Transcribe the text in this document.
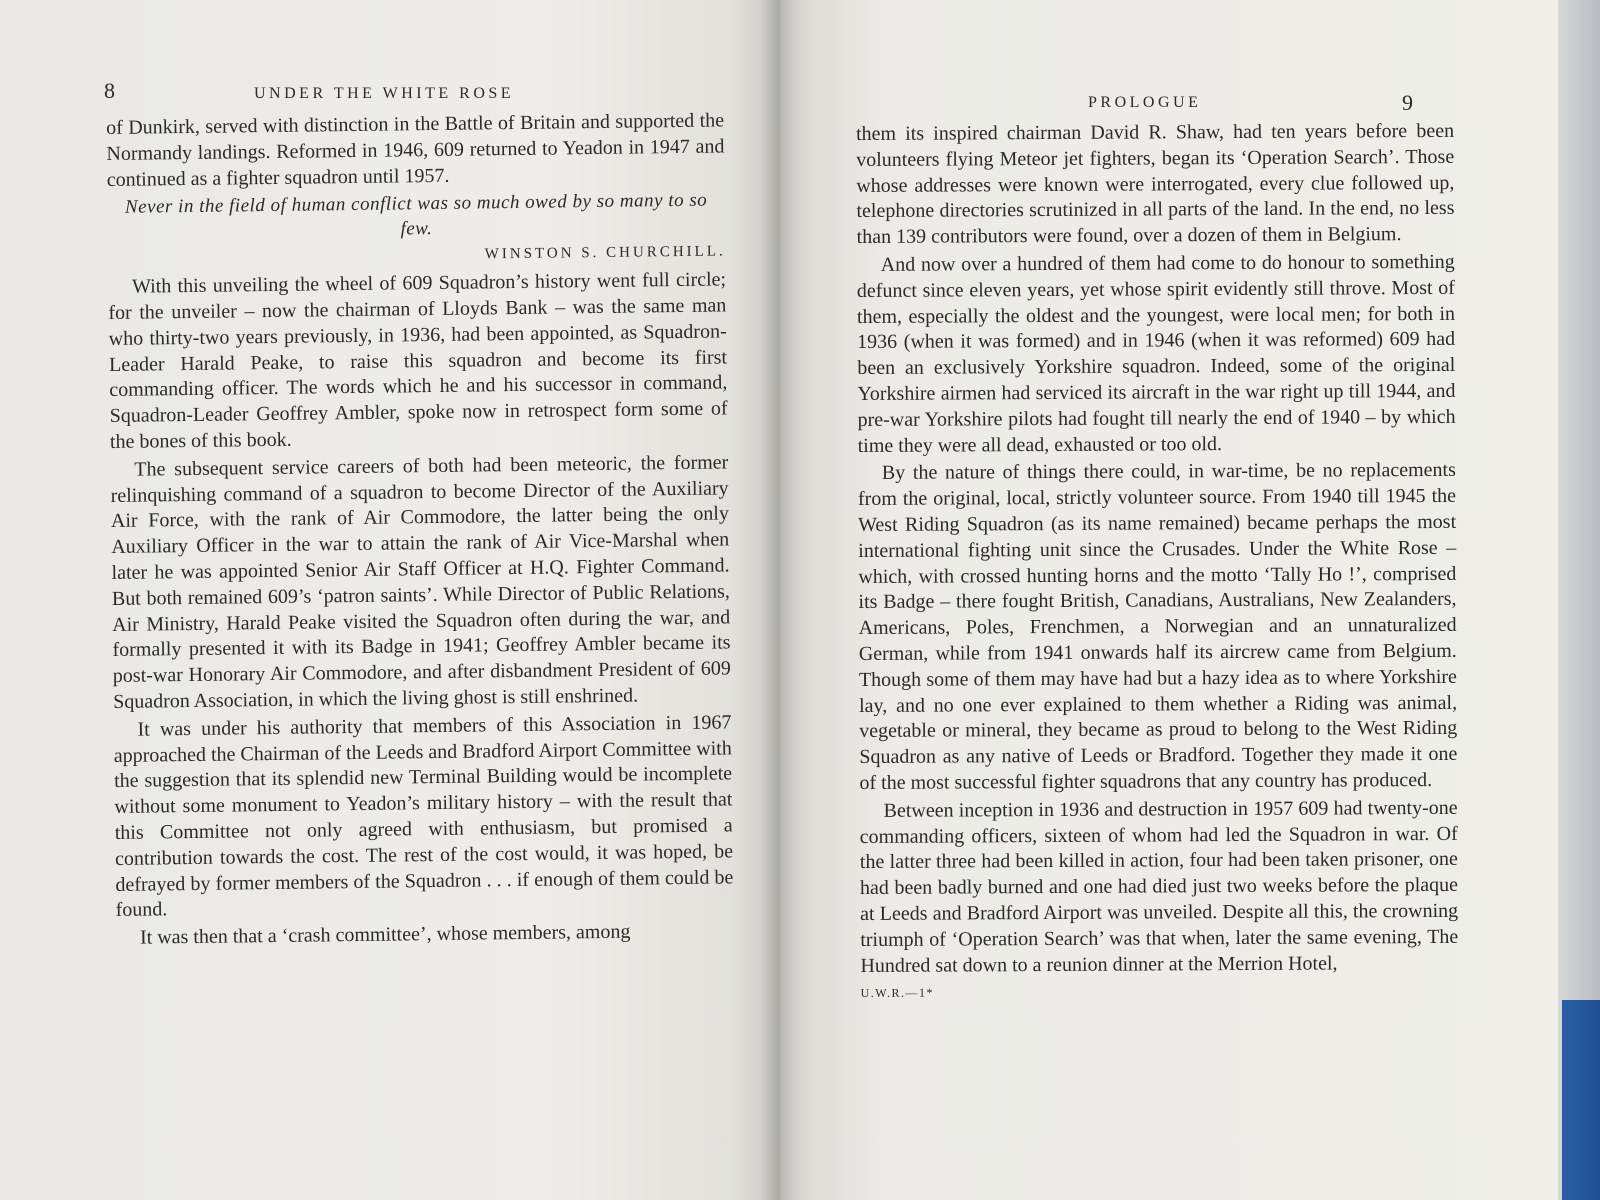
8	UNDER THE WHITE ROSE

of Dunkirk, served with distinction in the Battle of Britain and supported the Normandy landings. Reformed in 1946, 609 returned to Yeadon in 1947 and continued as a fighter squadron until 1957.

Never in the field of human conflict was so much owed by so many to so few.

WINSTON S. CHURCHILL.

With this unveiling the wheel of 609 Squadron’s history went full circle; for the unveiler – now the chairman of Lloyds Bank – was the same man who thirty-two years previously, in 1936, had been appointed, as Squadron-Leader Harald Peake, to raise this squadron and become its first commanding officer. The words which he and his successor in command, Squadron-Leader Geoffrey Ambler, spoke now in retrospect form some of the bones of this book.

The subsequent service careers of both had been meteoric, the former relinquishing command of a squadron to become Director of the Auxiliary Air Force, with the rank of Air Commodore, the latter being the only Auxiliary Officer in the war to attain the rank of Air Vice-Marshal when later he was appointed Senior Air Staff Officer at H.Q. Fighter Command. But both remained 609’s ‘patron saints’. While Director of Public Relations, Air Ministry, Harald Peake visited the Squadron often during the war, and formally presented it with its Badge in 1941; Geoffrey Ambler became its post-war Honorary Air Commodore, and after disbandment President of 609 Squadron Association, in which the living ghost is still enshrined.

It was under his authority that members of this Association in 1967 approached the Chairman of the Leeds and Bradford Airport Committee with the suggestion that its splendid new Terminal Building would be incomplete without some monument to Yeadon’s military history – with the result that this Committee not only agreed with enthusiasm, but promised a contribution towards the cost. The rest of the cost would, it was hoped, be defrayed by former members of the Squadron . . . if enough of them could be found.

It was then that a ‘crash committee’, whose members, among

PROLOGUE	9

them its inspired chairman David R. Shaw, had ten years before been volunteers flying Meteor jet fighters, began its ‘Operation Search’. Those whose addresses were known were interrogated, every clue followed up, telephone directories scrutinized in all parts of the land. In the end, no less than 139 contributors were found, over a dozen of them in Belgium.

And now over a hundred of them had come to do honour to something defunct since eleven years, yet whose spirit evidently still throve. Most of them, especially the oldest and the youngest, were local men; for both in 1936 (when it was formed) and in 1946 (when it was reformed) 609 had been an exclusively Yorkshire squadron. Indeed, some of the original Yorkshire airmen had serviced its aircraft in the war right up till 1944, and pre-war Yorkshire pilots had fought till nearly the end of 1940 – by which time they were all dead, exhausted or too old.

By the nature of things there could, in war-time, be no replacements from the original, local, strictly volunteer source. From 1940 till 1945 the West Riding Squadron (as its name remained) became perhaps the most international fighting unit since the Crusades. Under the White Rose – which, with crossed hunting horns and the motto ‘Tally Ho !’, comprised its Badge – there fought British, Canadians, Australians, New Zealanders, Americans, Poles, Frenchmen, a Norwegian and an unnaturalized German, while from 1941 onwards half its aircrew came from Belgium. Though some of them may have had but a hazy idea as to where Yorkshire lay, and no one ever explained to them whether a Riding was animal, vegetable or mineral, they became as proud to belong to the West Riding Squadron as any native of Leeds or Bradford. Together they made it one of the most successful fighter squadrons that any country has produced.

Between inception in 1936 and destruction in 1957 609 had twenty-one commanding officers, sixteen of whom had led the Squadron in war. Of the latter three had been killed in action, four had been taken prisoner, one had been badly burned and one had died just two weeks before the plaque at Leeds and Bradford Airport was unveiled. Despite all this, the crowning triumph of ‘Operation Search’ was that when, later the same evening, The Hundred sat down to a reunion dinner at the Merrion Hotel,

U.W.R.—1*
